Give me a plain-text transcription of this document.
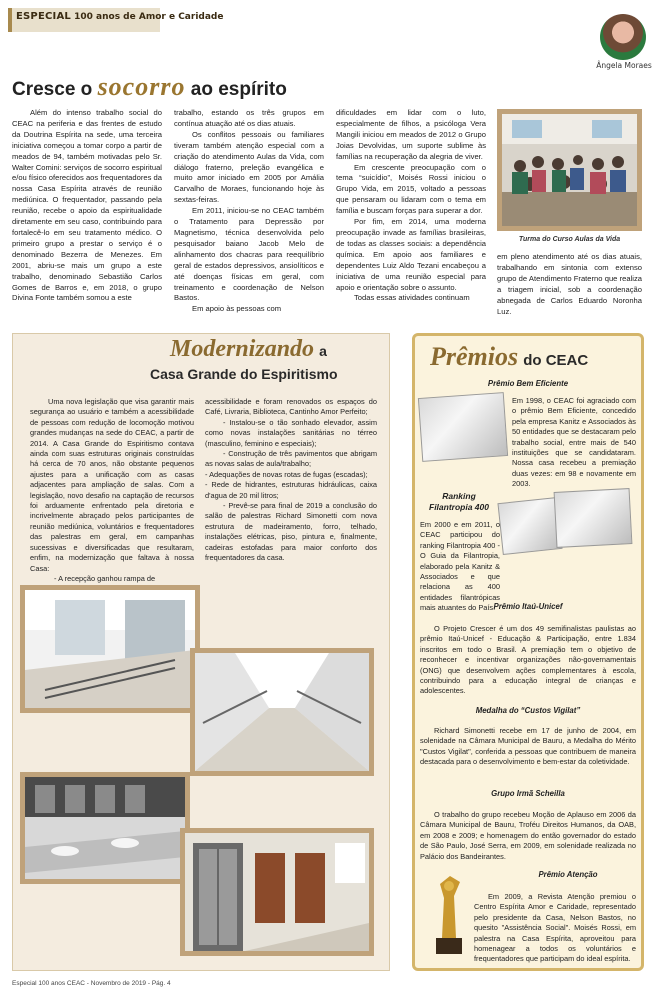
ESPECIAL 100 anos de Amor e Caridade
Ângela Moraes
Cresce o socorro ao espírito

Além do intenso trabalho social do CEAC na periferia e das frentes de estudo da Doutrina Espírita na sede, uma terceira iniciativa começou a tomar corpo a partir de meados de 94, também motivadas pelo Sr. Walter Comini: serviços de socorro espiritual e/ou físico oferecidos aos frequentadores da nossa Casa Espírita através de reunião mediúnica. O frequentador, passando pela reunião, recebe o apoio da espiritualidade diretamente em seu caso, contribuindo para fortalecê-lo em seu tratamento médico. O primeiro grupo a prestar o serviço é o denominado Bezerra de Menezes. Em 2001, abriu-se mais um grupo a este trabalho, denominado Sebastião Carlos Gomes de Barros e, em 2018, o grupo Divina Fonte também somou a este

trabalho, estando os três grupos em contínua atuação até os dias atuais.

Os conflitos pessoais ou familiares tiveram também atenção especial com a criação do atendimento Aulas da Vida, com diálogo fraterno, preleção evangélica e muito amor iniciado em 2005 por Amália Carvalho de Moraes, funcionando hoje às sextas-feiras.

Em 2011, iniciou-se no CEAC também o Tratamento para Depressão por Magnetismo, técnica desenvolvida pelo pesquisador baiano Jacob Melo de alinhamento dos chacras para reequilíbrio geral de estados depressivos, ansiolíticos e até doenças físicas em geral, com treinamento e coordenação de Nelson Bastos.

Em apoio às pessoas com

dificuldades em lidar com o luto, especialmente de filhos, a psicóloga Vera Mangili iniciou em meados de 2012 o Grupo Joias Devolvidas, um suporte sublime às famílias na recuperação da alegria de viver.

Em crescente preocupação com o tema “suicídio”, Moisés Rossi iniciou o Grupo Vida, em 2015, voltado a pessoas que pensaram ou lidaram com o tema em família e buscam forças para superar a dor.

Por fim, em 2014, uma moderna preocupação invade as famílias brasileiras, de todas as classes sociais: a dependência química. Em apoio aos familiares e dependentes Luiz Aldo Tezani encabeçou a iniciativa de uma reunião especial para apoio e orientação sobre o assunto.

Todas essas atividades continuam

Turma do Curso Aulas da Vida

em pleno atendimento até os dias atuais, trabalhando em sintonia com extenso grupo de Atendimento Fraterno que realiza a triagem inicial, sob a coordenação abnegada de Carlos Eduardo Noronha Luz.

Modernizando a
Casa Grande do Espiritismo

Uma nova legislação que visa garantir mais segurança ao usuário e também a acessibilidade de pessoas com redução de locomoção motivou grandes mudanças na sede do CEAC, a partir de 2014. A Casa Grande do Espiritismo contava ainda com suas estruturas originais construídas há cerca de 70 anos, não obstante pequenos ajustes para a unificação com as casas adjacentes para ampliação de salas. Com a legislação, novo desafio na captação de recursos foi arduamente enfrentado pela diretoria e incrivelmente abraçado pelos participantes de reunião mediúnica, voluntários e frequentadores das palestras em geral, em campanhas sucessivas e diversificadas que resultaram, enfim, na modernização que faltava à nossa Casa:

- A recepção ganhou rampa de

acessibilidade e foram renovados os espaços do Café, Livraria, Biblioteca, Cantinho Amor Perfeito;

- Instalou-se o tão sonhado elevador, assim como novas instalações sanitárias no térreo (masculino, feminino e especiais);

- Construção de três pavimentos que abrigam as novas salas de aula/trabalho;

- Adequações de novas rotas de fugas (escadas);

- Rede de hidrantes, estruturas hidráulicas, caixa d'agua de 20 mil litros;

- Prevê-se para final de 2019 a conclusão do salão de palestras Richard Simonetti com nova estrutura de madeiramento, forro, telhado, instalações elétricas, piso, pintura e, finalmente, cadeiras estofadas para maior conforto dos frequentadores da casa.

Prêmios do CEAC
Prêmio Bem Eficiente

Em 1998, o CEAC foi agraciado com o prêmio Bem Eficiente, concedido pela empresa Kanitz e Associados às 50 entidades que se destacaram pelo trabalho social, entre mais de 540 instituições que se candidataram. Nossa casa recebeu a premiação duas vezes: em 98 e novamente em 2003.

Ranking Filantropia 400

Em 2000 e em 2011, o CEAC participou do ranking Filantropia 400 - O Guia da Filantropia, elaborado pela Kanitz & Associados e que relaciona as 400 entidades filantrópicas mais atuantes do País.

Prêmio Itaú-Unicef

O Projeto Crescer é um dos 49 semifinalistas paulistas ao prêmio Itaú-Unicef - Educação & Participação, entre 1.834 inscritos em todo o Brasil. A premiação tem o objetivo de reconhecer e incentivar organizações não-governamentais (ONG) que desenvolvem ações complementares à escola, contribuindo para a educação integral de crianças e adolescentes.

Medalha do “Custos Vigilat”

Richard Simonetti recebe em 17 de junho de 2004, em solenidade na Câmara Municipal de Bauru, a Medalha do Mérito "Custos Vigilat", conferida a pessoas que contribuem de maneira destacada para o desenvolvimento e bem-estar da coletividade.

Grupo Irmã Scheilla

O trabalho do grupo recebeu Moção de Aplauso em 2006 da Câmara Municipal de Bauru, Troféu Direitos Humanos, da OAB, em 2008 e 2009; e homenagem do então governador do estado de São Paulo, José Serra, em 2009, em solenidade realizada no Palácio dos Bandeirantes.

Prêmio Atenção

Em 2009, a Revista Atenção premiou o Centro Espírita Amor e Caridade, representado pelo presidente da Casa, Nelson Bastos, no quesito "Assistência Social". Moisés Rossi, em palestra na Casa Espírita, aproveitou para homenagear a todos os voluntários e frequentadores que participam do ideal espírita.

Especial 100 anos CEAC - Novembro de 2019 - Pág. 4
